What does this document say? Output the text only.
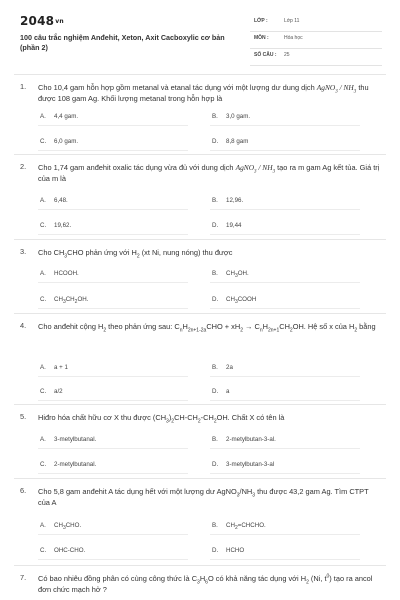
2048vn
100 câu trắc nghiệm Anđehit, Xeton, Axit Cacboxylic cơ bản (phần 2)
LỚP :	Lớp 11
MÔN :	Hóa học
SỐ CÂU : 25
1. Cho 10,4 gam hỗn hợp gồm metanal và etanal tác dụng với một lượng dư dung dịch AgNO$_3$ / $NH_3$ thu được 108 gam Ag. Khối lượng metanal trong hỗn hợp là
A. 4,4 gam.	B. 3,0 gam.
C. 6,0 gam.	D. 8,8 gam
2. Cho 1,74 gam anđehit oxalic tác dụng vừa đủ với dung dịch AgNO$_3$ / $NH_3$ tạo ra m gam Ag kết tủa. Giá trị của m là
A. 6,48.	B. 12,96.
C. 19,62.	D. 19,44
3. Cho $CH_3CHO$ phản ứng với $H_2$ (xt Ni, nung nóng) thu được
A. HCOOH.	B. $CH_3OH$.
C. $CH_3CH_2OH$.	D. $CH_3COOH$
4. Cho anđehit cộng $H_2$ theo phản ứng sau: $C_nH_{2n+1-2a}CHO + xH_2 \to C_nH_{2n+1}CH_2OH$. Hệ số x của $H_2$ bằng
A. a + 1	B. 2a
C. a/2	D. a
5. Hiđro hóa chất hữu cơ X thu được $(CH_3)_2CH-CH_2-CH_2OH$. Chất X có tên là
A. 3-metylbutanal.	B. 2-metylbutan-3-al.
C. 2-metylbutanal.	D. 3-metylbutan-3-al
6. Cho 5,8 gam anđehit A tác dụng hết với một lượng dư $AgNO_3/NH_3$ thu được 43,2 gam Ag. Tìm CTPT của A
A. $CH_3CHO$.	B. $CH_2=CHCHO$.
C. OHC-CHO.	D. HCHO
7. Có bao nhiêu đồng phân có cùng công thức là $C_3H_6O$ có khả năng tác dụng với $H_2$ (Ni, $t^0$) tạo ra ancol đơn chức mạch hở ?
